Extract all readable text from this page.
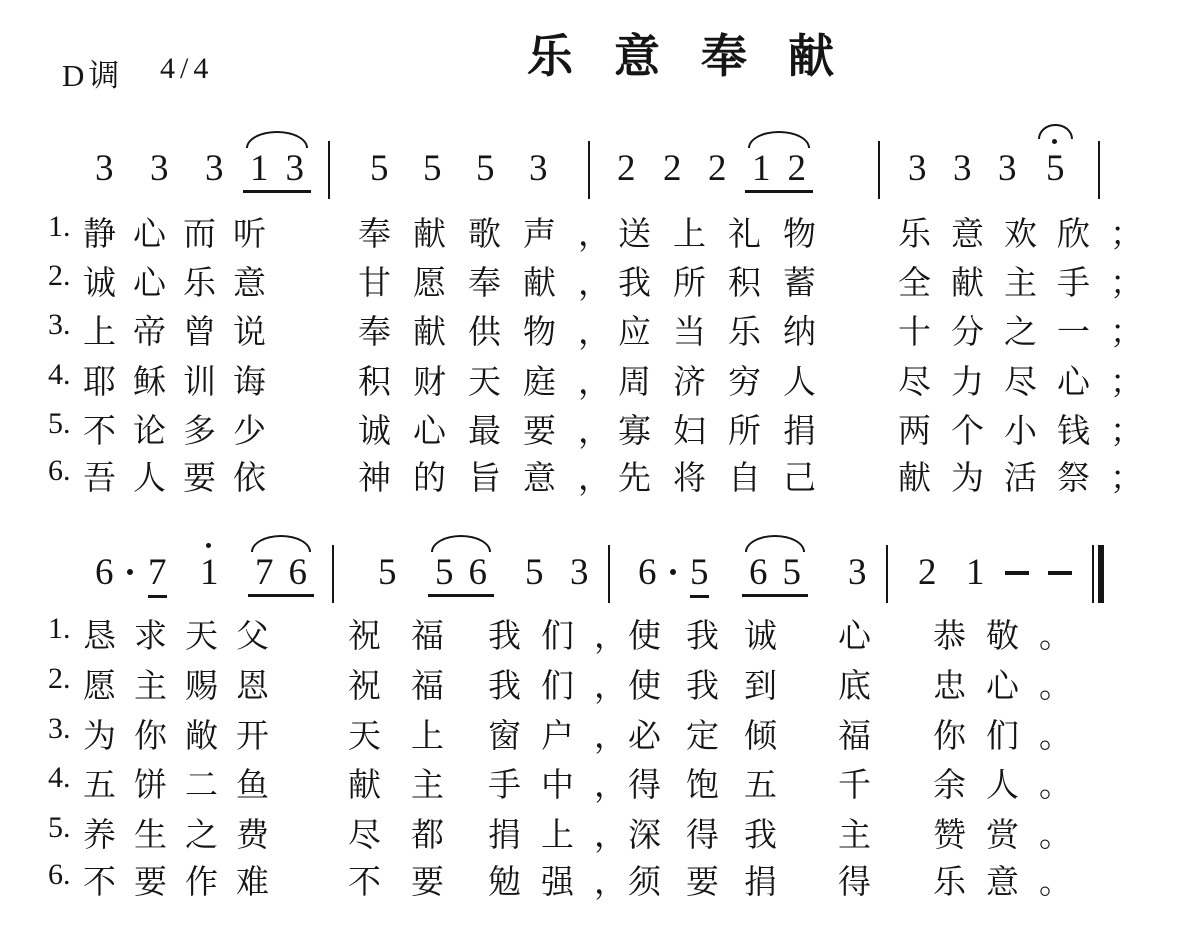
D调 4/4	乐意奉献
3 3 3 1 3 5 5 5 3 2 2 2 1 2	3 3 3 5
1. 静心而听 奉献歌声，
送上礼物 乐意欢欣；
2. 诚心乐意 甘愿奉献，
我所积蓄 全献主手；
3. 上帝曾说 奉献供物，
应当乐纳 十分之一；
4. 耶稣训诲 积财天庭，
周济穷人 尽力尽心；
5. 不论多少 诚心最要，
寡妇所捐 两个小钱；
6. 吾人要依 神的旨意，
先将自己 献为活祭；
6 7 1 7 6 5 5 6 5 3 6 5 6 5 3 2 1
1. 恳求天父 祝福 我们，
使我诚 心 恭敬。
2. 愿主赐恩 祝福 我们，
使我到 底 忠心。
3. 为你敞开 天上 窗户，
必定倾 福 你们。
4. 五饼二鱼 献主 手中，
得饱五 千 余人。
5. 养生之费 尽都 捐上，
深得我 主 赞赏。
6. 不要作难 不要 勉强，
须要捐 得 乐意。
